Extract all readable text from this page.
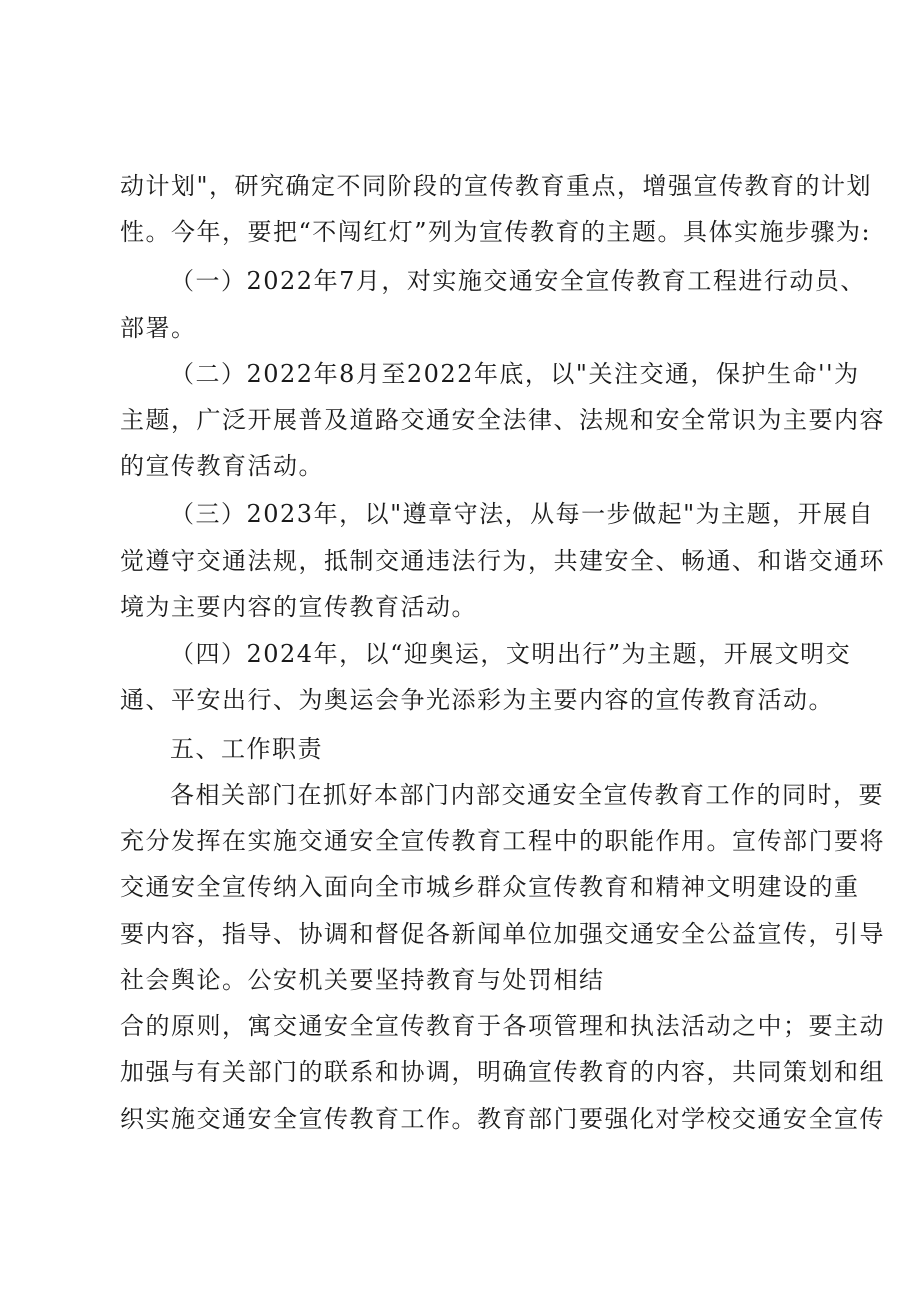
动计划"，研究确定不同阶段的宣传教育重点，增强宣传教育的计划
性。今年，要把“不闯红灯”列为宣传教育的主题。具体实施步骤为:
（一）2022年7月，对实施交通安全宣传教育工程进行动员、
部署。
（二）2022年8月至2022年底，以"关注交通，保护生命''为
主题，广泛开展普及道路交通安全法律、法规和安全常识为主要内容
的宣传教育活动。
（三）2023年，以"遵章守法，从每一步做起"为主题，开展自
觉遵守交通法规，抵制交通违法行为，共建安全、畅通、和谐交通环
境为主要内容的宣传教育活动。
（四）2024年，以“迎奥运，文明出行”为主题，开展文明交
通、平安出行、为奥运会争光添彩为主要内容的宣传教育活动。
五、工作职责
各相关部门在抓好本部门内部交通安全宣传教育工作的同时，要
充分发挥在实施交通安全宣传教育工程中的职能作用。宣传部门要将
交通安全宣传纳入面向全市城乡群众宣传教育和精神文明建设的重
要内容，指导、协调和督促各新闻单位加强交通安全公益宣传，引导
社会舆论。公安机关要坚持教育与处罚相结
合的原则，寓交通安全宣传教育于各项管理和执法活动之中；要主动
加强与有关部门的联系和协调，明确宣传教育的内容，共同策划和组
织实施交通安全宣传教育工作。教育部门要强化对学校交通安全宣传
